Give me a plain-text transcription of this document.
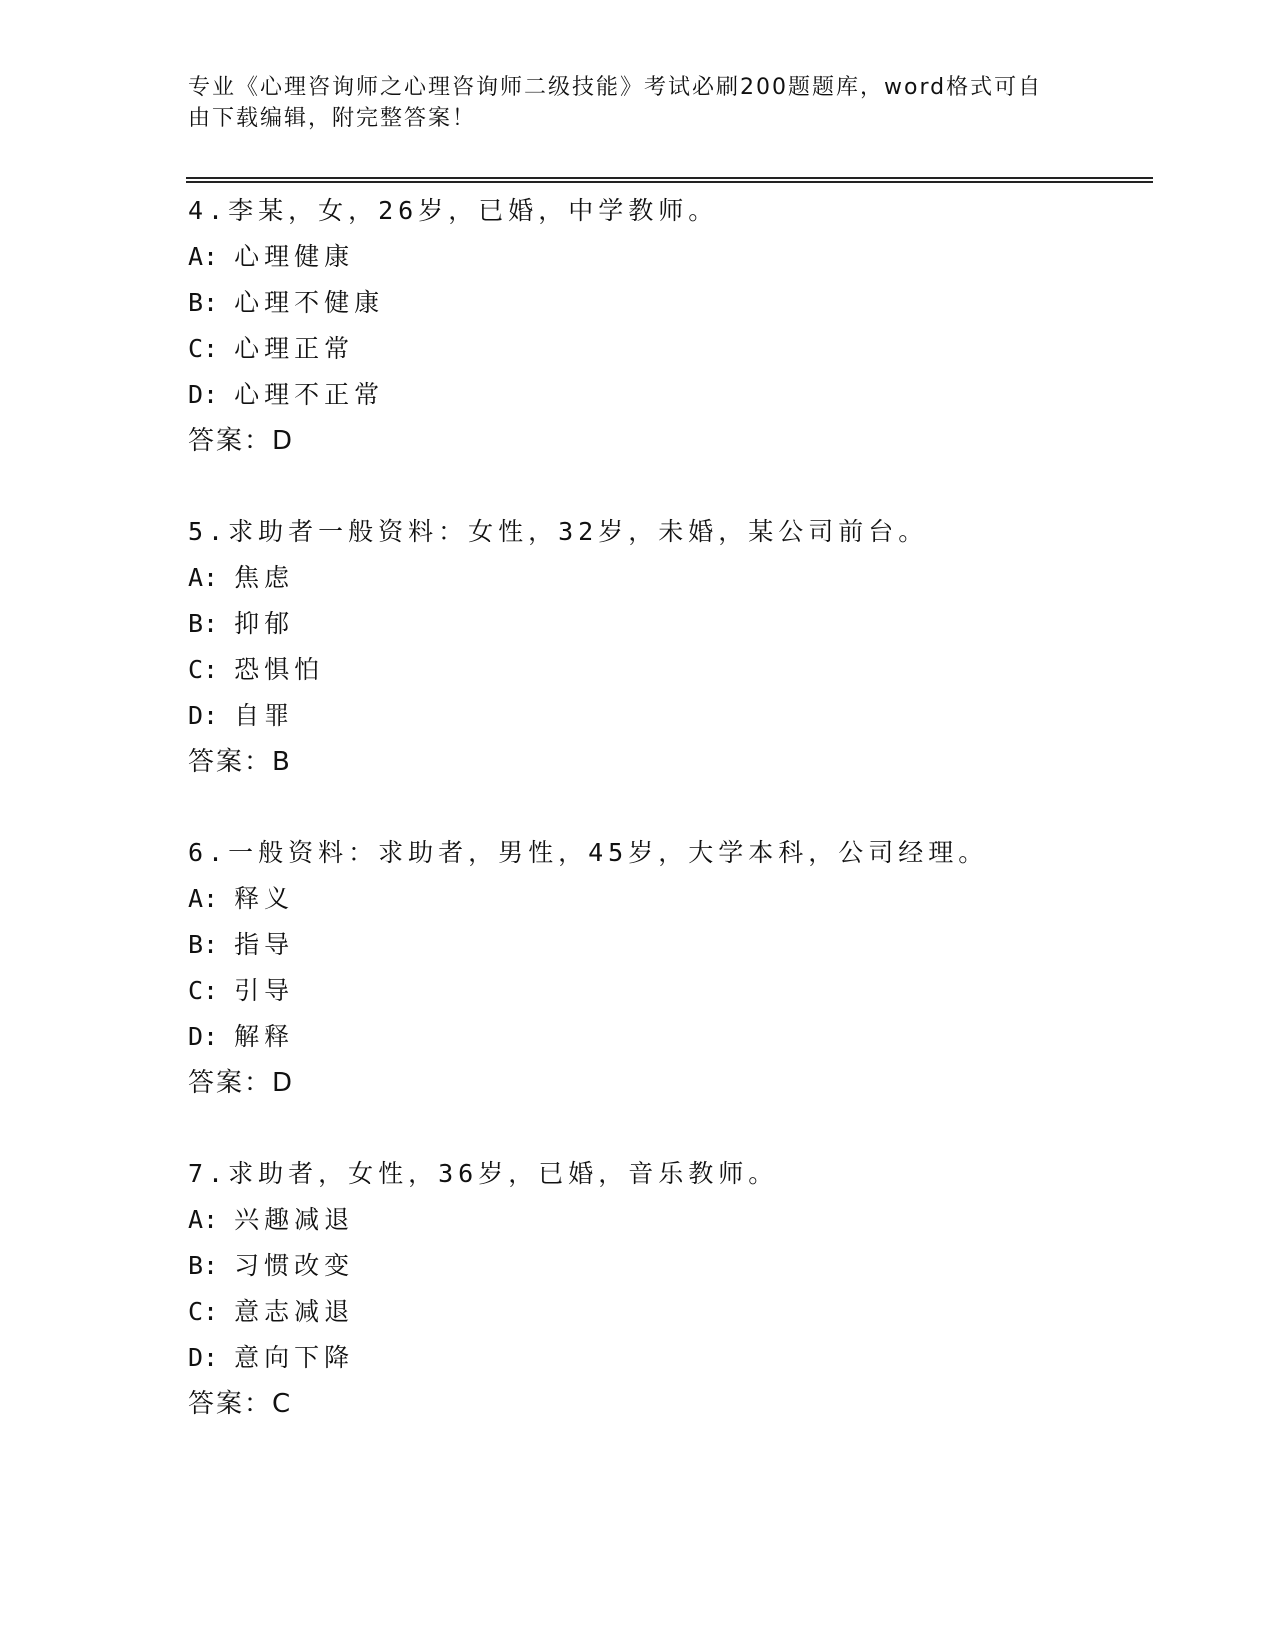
专业《心理咨询师之心理咨询师二级技能》考试必刷200题题库，word格式可自
由下载编辑，附完整答案！
4.李某，女，26岁，已婚，中学教师。
A: 心理健康
B: 心理不健康
C: 心理正常
D: 心理不正常
答案：D
5.求助者一般资料：女性，32岁，未婚，某公司前台。
A: 焦虑
B: 抑郁
C: 恐惧怕
D: 自罪
答案：B
6.一般资料：求助者，男性，45岁，大学本科，公司经理。
A: 释义
B: 指导
C: 引导
D: 解释
答案：D
7.求助者，女性，36岁，已婚，音乐教师。
A: 兴趣减退
B: 习惯改变
C: 意志减退
D: 意向下降
答案：C
